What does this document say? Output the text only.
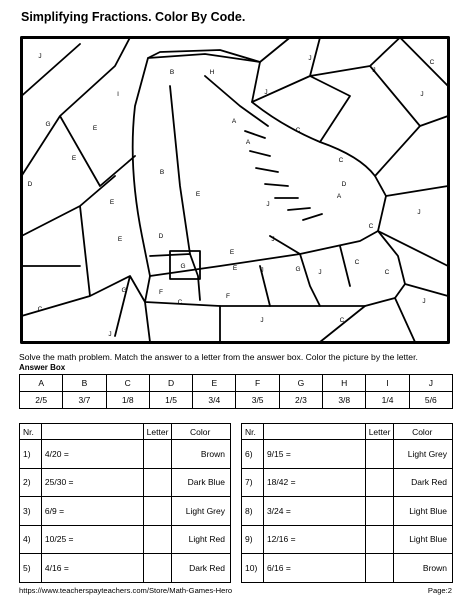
Simplifying Fractions. Color By Code.
J
B	H
J
C
I
J
A
E
G
C
A
E	C
J
D
E
B
E
J
A
J
E	D
E
C
J	J
C
G
F
E
J
J
J
G	C
F
C
G
J
C
J
D
C
Solve the math problem. Match the answer to a letter from the answer box. Color the picture by the letter.
Answer Box
A	B	C	D	E	F	G	H	I	J
2/5	3/7	1/8	1/5	3/4	3/5	2/3	3/8	1/4	5/6
Nr.		Letter	Color
1)	4/20 =		Brown
2)	25/30 =		Dark Blue
3)	6/9 =		Light Grey
4)	10/25 =		Light Red
5)	4/16 =		Dark Red
Nr.		Letter	Color
6)	9/15 =		Light Grey
7)	18/42 =		Dark Red
8)	3/24 =		Light Blue
9)	12/16 =		Light Blue
10)	6/16 =		Brown
https://www.teacherspayteachers.com/Store/Math-Games-Hero	Page:2
